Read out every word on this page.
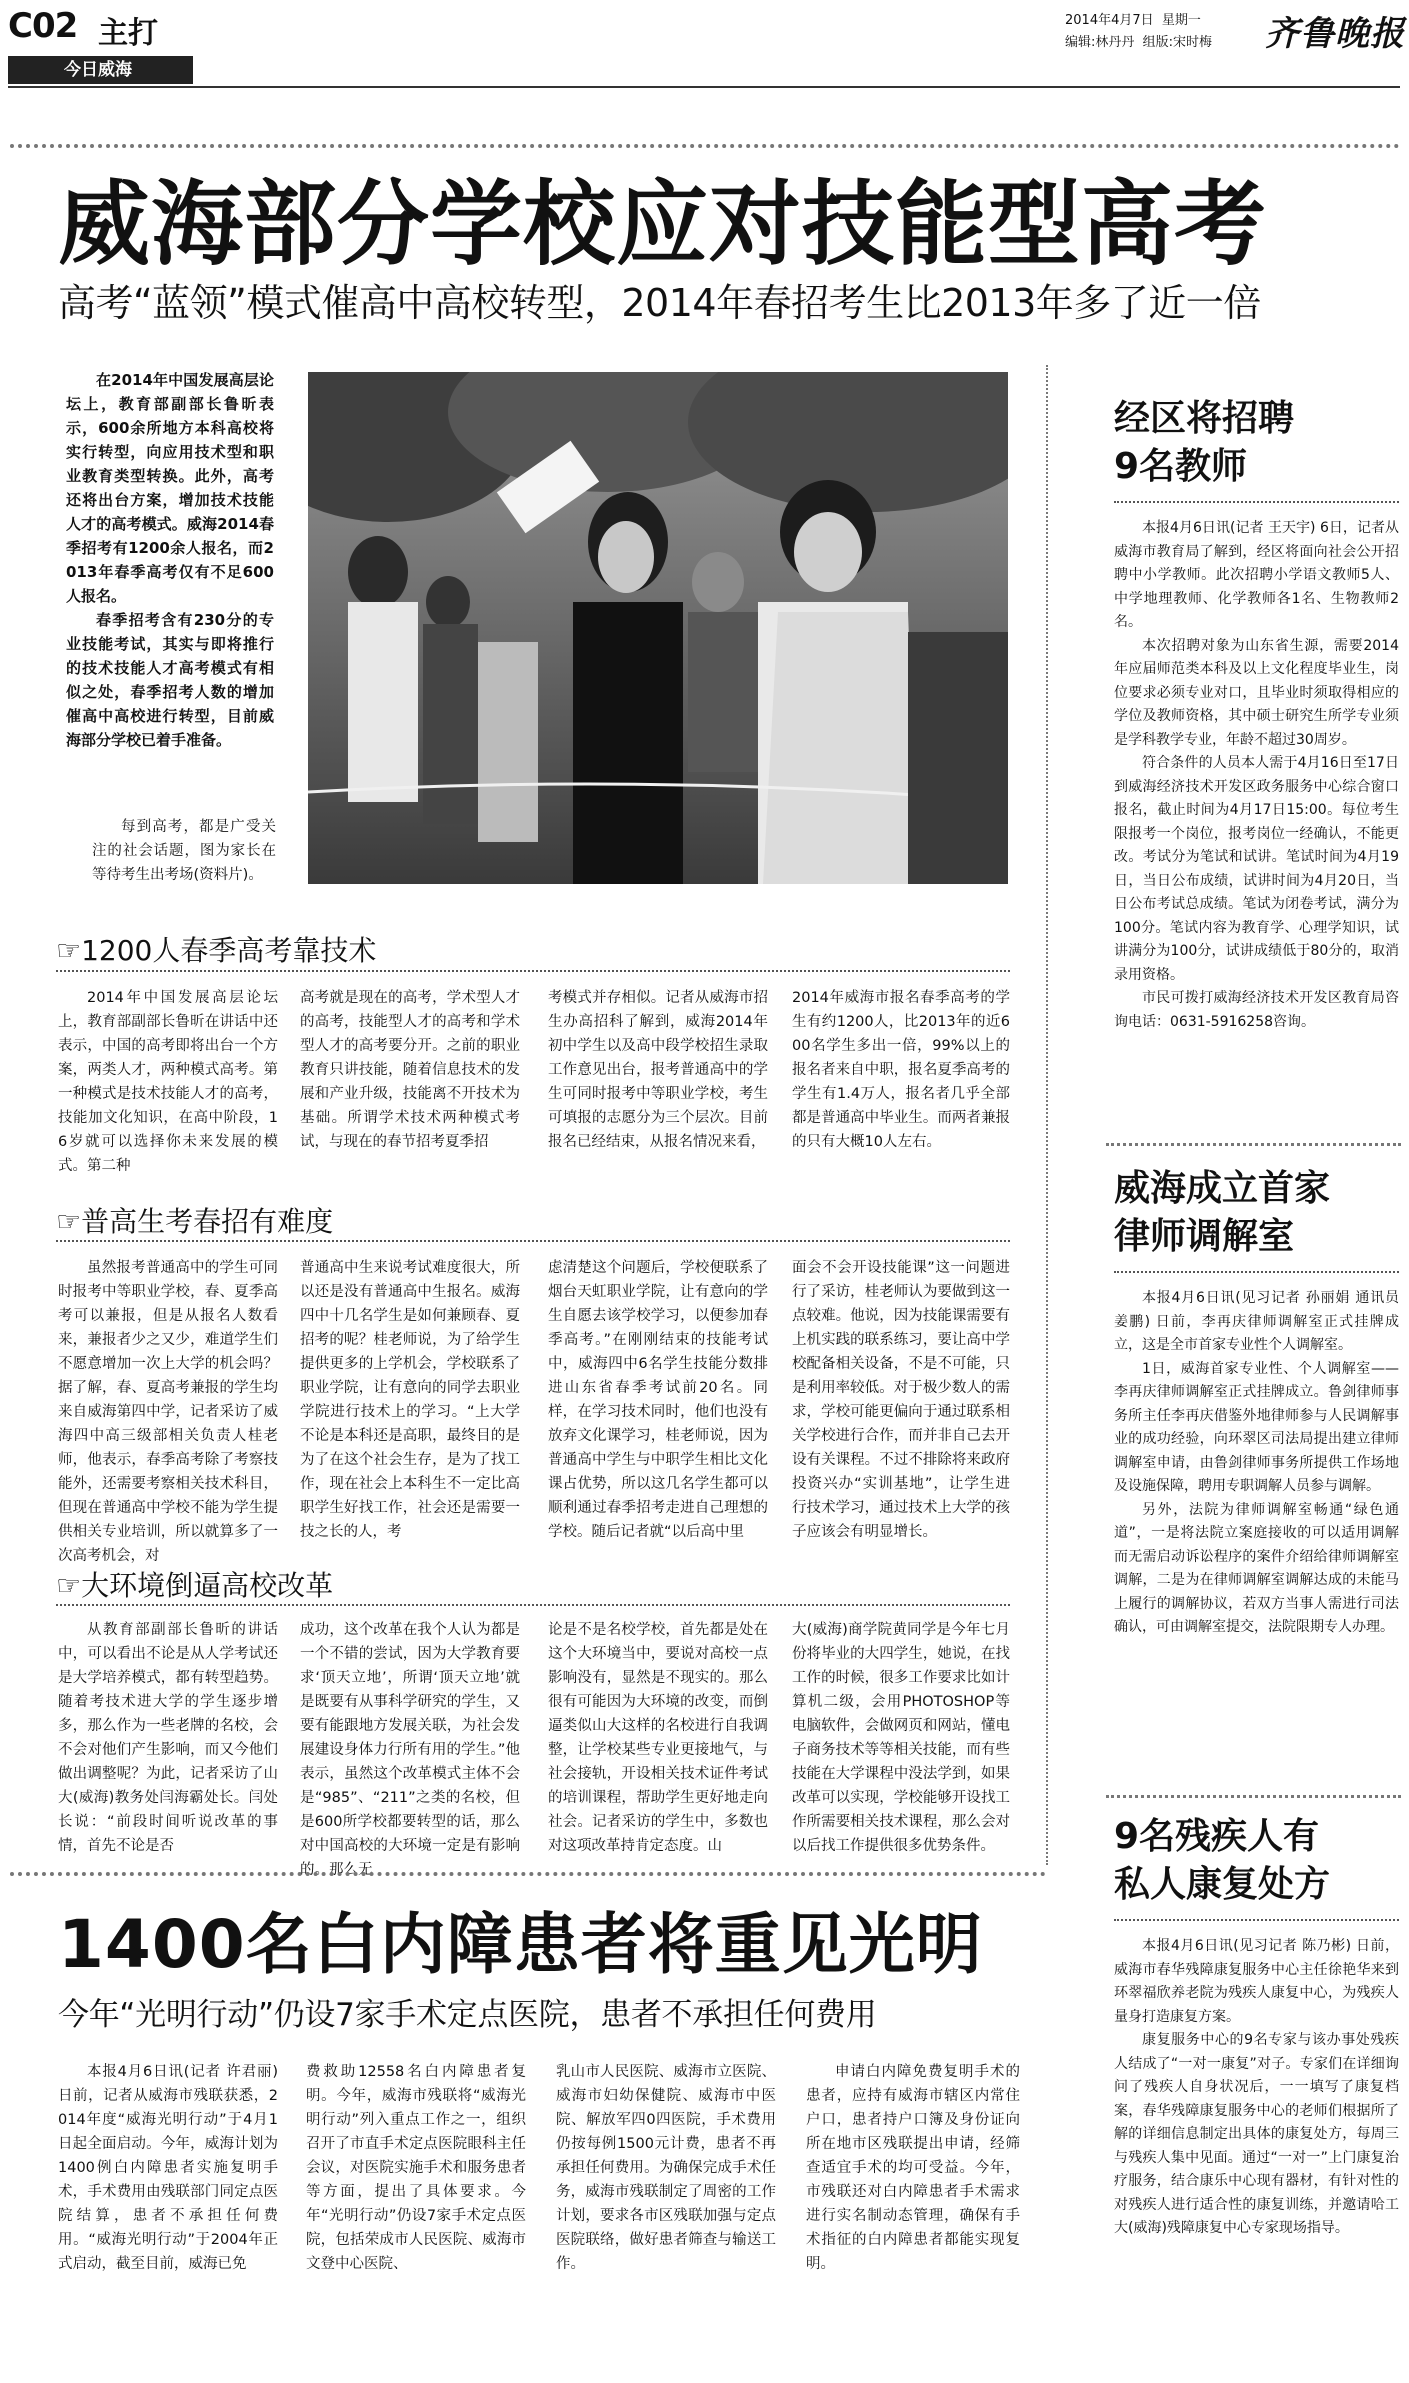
C02 主打
今日威海
2014年4月7日 星期一
编辑:林丹丹 组版:宋时梅 齐鲁晚报
威海部分学校应对技能型高考
高考“蓝领”模式催高中高校转型，2014年春招考生比2013年多了近一倍

在2014年中国发展高层论坛上，教育部副部长鲁昕表示，600余所地方本科高校将实行转型，向应用技术型和职业教育类型转换。此外，高考还将出台方案，增加技术技能人才的高考模式。威海2014春季招考有1200余人报名，而2013年春季高考仅有不足600人报名。

春季招考含有230分的专业技能考试，其实与即将推行的技术技能人才高考模式有相似之处，春季招考人数的增加催高中高校进行转型，目前威海部分学校已着手准备。

每到高考，都是广受关注的社会话题，图为家长在等待考生出考场(资料片)。
☞1200人春季高考靠技术
2014年中国发展高层论坛上，教育部副部长鲁昕在讲话中还表示，中国的高考即将出台一个方案，两类人才，两种模式高考。第一种模式是技术技能人才的高考，技能加文化知识，在高中阶段，16岁就可以选择你未来发展的模式。第二种
高考就是现在的高考，学术型人才的高考，技能型人才的高考和学术型人才的高考要分开。之前的职业教育只讲技能，随着信息技术的发展和产业升级，技能离不开技术为基础。所谓学术技术两种模式考试，与现在的春节招考夏季招
考模式并存相似。记者从威海市招生办高招科了解到，威海2014年初中学生以及高中段学校招生录取工作意见出台，报考普通高中的学生可同时报考中等职业学校，考生可填报的志愿分为三个层次。目前报名已经结束，从报名情况来看，
2014年威海市报名春季高考的学生有约1200人，比2013年的近600名学生多出一倍，99%以上的报名者来自中职，报名夏季高考的学生有1.4万人，报名者几乎全部都是普通高中毕业生。而两者兼报的只有大概10人左右。
☞普高生考春招有难度
虽然报考普通高中的学生可同时报考中等职业学校，春、夏季高考可以兼报，但是从报名人数看来，兼报者少之又少，难道学生们不愿意增加一次上大学的机会吗？据了解，春、夏高考兼报的学生均来自威海第四中学，记者采访了威海四中高三级部相关负责人桂老师，他表示，春季高考除了考察技能外，还需要考察相关技术科目，但现在普通高中学校不能为学生提供相关专业培训，所以就算多了一次高考机会，对
普通高中生来说考试难度很大，所以还是没有普通高中生报名。威海四中十几名学生是如何兼顾春、夏招考的呢？桂老师说，为了给学生提供更多的上学机会，学校联系了职业学院，让有意向的同学去职业学院进行技术上的学习。“上大学不论是本科还是高职，最终目的是为了在这个社会生存，是为了找工作，现在社会上本科生不一定比高职学生好找工作，社会还是需要一技之长的人，考
虑清楚这个问题后，学校便联系了烟台天虹职业学院，让有意向的学生自愿去该学校学习，以便参加春季高考。”在刚刚结束的技能考试中，威海四中6名学生技能分数排进山东省春季考试前20名。同样，在学习技术同时，他们也没有放弃文化课学习，桂老师说，因为普通高中学生与中职学生相比文化课占优势，所以这几名学生都可以顺利通过春季招考走进自己理想的学校。随后记者就“以后高中里
面会不会开设技能课”这一问题进行了采访，桂老师认为要做到这一点较难。他说，因为技能课需要有上机实践的联系练习，要让高中学校配备相关设备，不是不可能，只是利用率较低。对于极少数人的需求，学校可能更偏向于通过联系相关学校进行合作，而并非自己去开设有关课程。不过不排除将来政府投资兴办“实训基地”，让学生进行技术学习，通过技术上大学的孩子应该会有明显增长。
☞大环境倒逼高校改革
从教育部副部长鲁昕的讲话中，可以看出不论是从人学考试还是大学培养模式，都有转型趋势。随着考技术进大学的学生逐步增多，那么作为一些老牌的名校，会不会对他们产生影响，而又今他们做出调整呢？为此，记者采访了山大(威海)教务处闫海霸处长。闫处长说：“前段时间听说改革的事情，首先不论是否
成功，这个改革在我个人认为都是一个不错的尝试，因为大学教育要求‘顶天立地’，所谓‘顶天立地’就是既要有从事科学研究的学生，又要有能跟地方发展关联，为社会发展建设身体力行所有用的学生。”他表示，虽然这个改革模式主体不会是“985”、“211”之类的名校，但是600所学校都要转型的话，那么对中国高校的大环境一定是有影响的。那么无
论是不是名校学校，首先都是处在这个大环境当中，要说对高校一点影响没有，显然是不现实的。那么很有可能因为大环境的改变，而倒逼类似山大这样的名校进行自我调整，让学校某些专业更接地气，与社会接轨，开设相关技术证件考试的培训课程，帮助学生更好地走向社会。记者采访的学生中，多数也对这项改革持肯定态度。山
大(威海)商学院黄同学是今年七月份将毕业的大四学生，她说，在找工作的时候，很多工作要求比如计算机二级，会用PHOTOSHOP等电脑软件，会做网页和网站，懂电子商务技术等等相关技能，而有些技能在大学课程中没法学到，如果改革可以实现，学校能够开设找工作所需要相关技术课程，那么会对以后找工作提供很多优势条件。
1400名白内障患者将重见光明
今年“光明行动”仍设7家手术定点医院，患者不承担任何费用
本报4月6日讯(记者 许君丽) 日前，记者从威海市残联获悉，2014年度“威海光明行动”于4月1日起全面启动。今年，威海计划为1400例白内障患者实施复明手术，手术费用由残联部门同定点医院结算，患者不承担任何费用。“威海光明行动”于2004年正式启动，截至目前，威海已免
费救助12558名白内障患者复明。今年，威海市残联将“威海光明行动”列入重点工作之一，组织召开了市直手术定点医院眼科主任会议，对医院实施手术和服务患者等方面，提出了具体要求。今年“光明行动”仍设7家手术定点医院，包括荣成市人民医院、威海市文登中心医院、
乳山市人民医院、威海市立医院、威海市妇幼保健院、威海市中医院、解放军四0四医院，手术费用仍按每例1500元计费，患者不再承担任何费用。为确保完成手术任务，威海市残联制定了周密的工作计划，要求各市区残联加强与定点医院联络，做好患者筛查与输送工作。
申请白内障免费复明手术的患者，应持有威海市辖区内常住户口，患者持户口簿及身份证向所在地市区残联提出申请，经筛查适宜手术的均可受益。今年，市残联还对白内障患者手术需求进行实名制动态管理，确保有手术指征的白内障患者都能实现复明。
经区将招聘
9名教师

本报4月6日讯(记者 王天宇) 6日，记者从威海市教育局了解到，经区将面向社会公开招聘中小学教师。此次招聘小学语文教师5人、中学地理教师、化学教师各1名、生物教师2名。

本次招聘对象为山东省生源，需要2014年应届师范类本科及以上文化程度毕业生，岗位要求必须专业对口，且毕业时须取得相应的学位及教师资格，其中硕士研究生所学专业须是学科教学专业，年龄不超过30周岁。

符合条件的人员本人需于4月16日至17日到威海经济技术开发区政务服务中心综合窗口报名，截止时间为4月17日15:00。每位考生限报考一个岗位，报考岗位一经确认，不能更改。考试分为笔试和试讲。笔试时间为4月19日，当日公布成绩，试讲时间为4月20日，当日公布考试总成绩。笔试为闭卷考试，满分为100分。笔试内容为教育学、心理学知识，试讲满分为100分，试讲成绩低于80分的，取消录用资格。

市民可拨打威海经济技术开发区教育局咨询电话：0631-5916258咨询。

威海成立首家
律师调解室

本报4月6日讯(见习记者 孙丽娟 通讯员 姜鹏) 日前，李再庆律师调解室正式挂牌成立，这是全市首家专业性个人调解室。

1日，威海首家专业性、个人调解室——李再庆律师调解室正式挂牌成立。鲁剑律师事务所主任李再庆借鉴外地律师参与人民调解事业的成功经验，向环翠区司法局提出建立律师调解室申请，由鲁剑律师事务所提供工作场地及设施保障，聘用专职调解人员参与调解。

另外，法院为律师调解室畅通“绿色通道”，一是将法院立案庭接收的可以适用调解而无需启动诉讼程序的案件介绍给律师调解室调解，二是为在律师调解室调解达成的未能马上履行的调解协议，若双方当事人需进行司法确认，可由调解室提交，法院限期专人办理。

9名残疾人有
私人康复处方

本报4月6日讯(见习记者 陈乃彬) 日前，威海市春华残障康复服务中心主任徐艳华来到环翠福欣养老院为残疾人康复中心，为残疾人量身打造康复方案。

康复服务中心的9名专家与该办事处残疾人结成了“一对一康复”对子。专家们在详细询问了残疾人自身状况后，一一填写了康复档案，春华残障康复服务中心的老师们根据所了解的详细信息制定出具体的康复处方，每周三与残疾人集中见面。通过“一对一”上门康复治疗服务，结合康乐中心现有器材，有针对性的对残疾人进行适合性的康复训练，并邀请哈工大(威海)残障康复中心专家现场指导。
